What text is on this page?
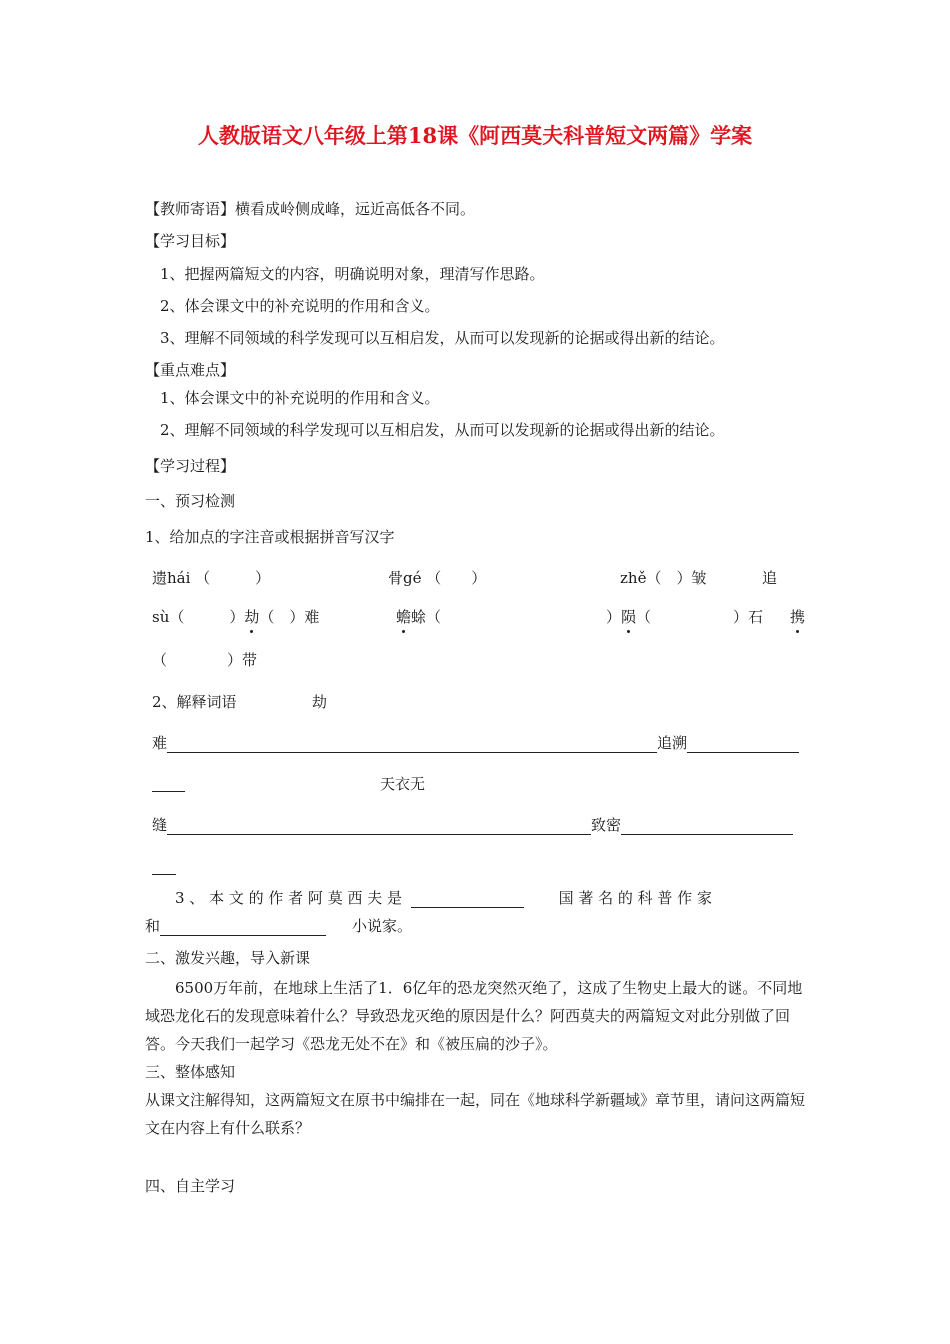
人教版语文八年级上第18课《阿西莫夫科普短文两篇》学案
【教师寄语】横看成岭侧成峰，远近高低各不同。
【学习目标】
1、把握两篇短文的内容，明确说明对象，理清写作思路。
2、体会课文中的补充说明的作用和含义。
3、理解不同领域的科学发现可以互相启发，从而可以发现新的论据或得出新的结论。
【重点难点】
1、体会课文中的补充说明的作用和含义。
2、理解不同领域的科学发现可以互相启发，从而可以发现新的论据或得出新的结论。
【学习过程】
一、预习检测
1、给加点的字注音或根据拼音写汉字
遗hái （　　　）	骨gé （　　）	zhě（　）皱	追
sù（　　　）劫（　）难	蟾蜍（	）陨（	）石 携
（　　　　）带
2、解释词语	劫
难	追溯
天衣无
缝	致密
3 、 本 文 的 作 者 阿 莫 西 夫 是	国 著 名 的 科 普 作 家
和	小说家。
二、激发兴趣，导入新课
6500万年前，在地球上生活了1．6亿年的恐龙突然灭绝了，这成了生物史上最大的谜。不同地域恐龙化石的发现意味着什么？导致恐龙灭绝的原因是什么？阿西莫夫的两篇短文对此分别做了回答。今天我们一起学习《恐龙无处不在》和《被压扁的沙子》。
三、整体感知
从课文注解得知，这两篇短文在原书中编排在一起，同在《地球科学新疆域》章节里，请问这两篇短文在内容上有什么联系？
四、自主学习
